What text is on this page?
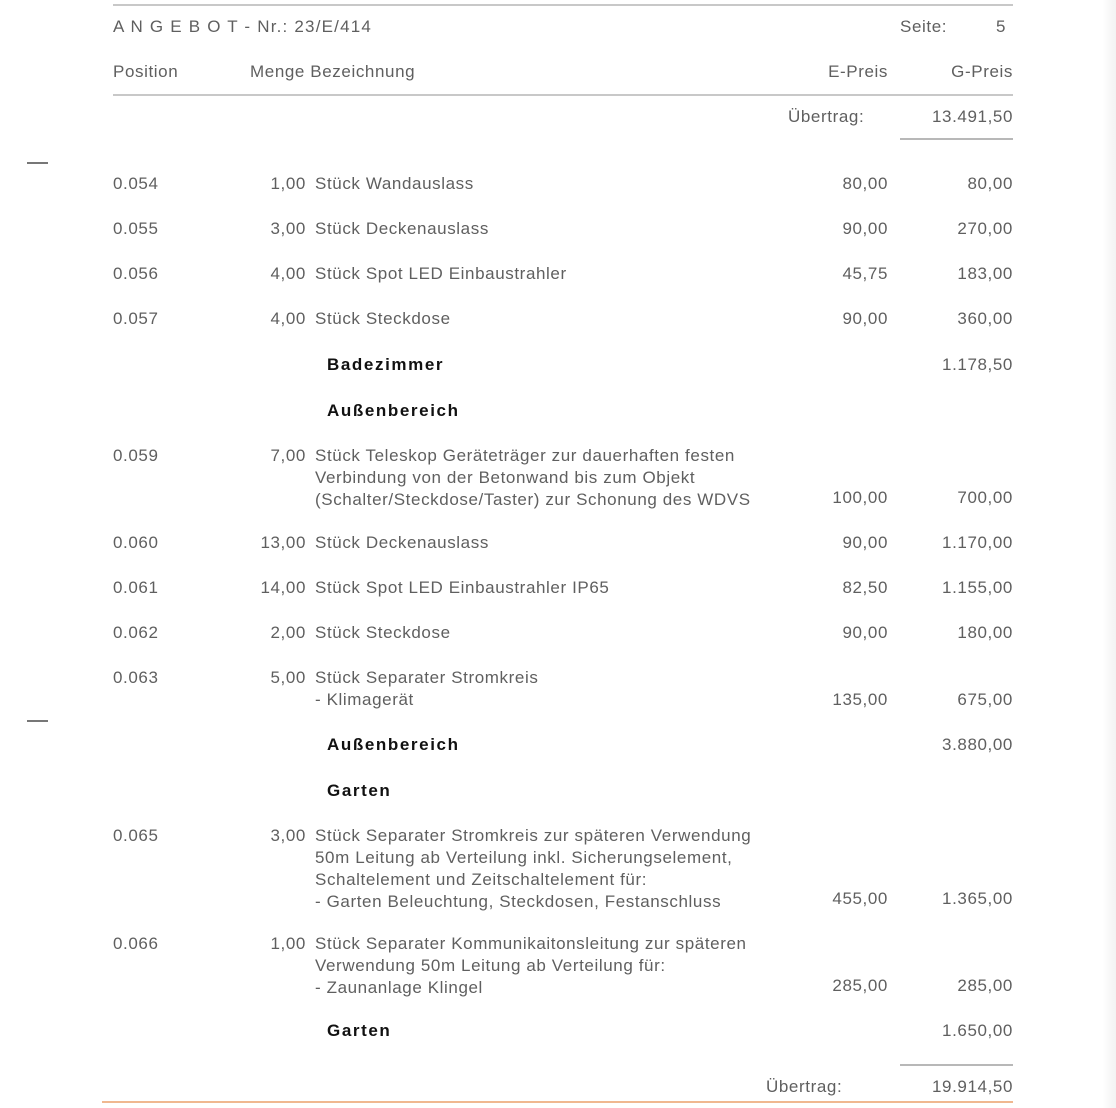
A N G E B O T - Nr.: 23/E/414	Seite:	5
Position	Menge Bezeichnung	E-Preis	G-Preis
Übertrag:	13.491,50
0.054	1,00 Stück Wandauslass	80,00	80,00
0.055	3,00 Stück Deckenauslass	90,00	270,00
0.056	4,00 Stück Spot LED Einbaustrahler	45,75	183,00
0.057	4,00 Stück Steckdose	90,00	360,00
Badezimmer	1.178,50
Außenbereich
0.059	7,00 Stück Teleskop Geräteträger zur dauerhaften festen
Verbindung von der Betonwand bis zum Objekt
(Schalter/Steckdose/Taster) zur Schonung des WDVS	100,00	700,00
0.060	13,00 Stück Deckenauslass	90,00	1.170,00
0.061	14,00 Stück Spot LED Einbaustrahler IP65	82,50	1.155,00
0.062	2,00 Stück Steckdose	90,00	180,00
0.063	5,00 Stück Separater Stromkreis
- Klimagerät	135,00	675,00
Außenbereich	3.880,00
Garten
0.065	3,00 Stück Separater Stromkreis zur späteren Verwendung
50m Leitung ab Verteilung inkl. Sicherungselement,
Schaltelement und Zeitschaltelement für:
- Garten Beleuchtung, Steckdosen, Festanschluss	455,00	1.365,00
0.066	1,00 Stück Separater Kommunikaitonsleitung zur späteren
Verwendung 50m Leitung ab Verteilung für:
- Zaunanlage Klingel	285,00	285,00
Garten	1.650,00
Übertrag:	19.914,50
